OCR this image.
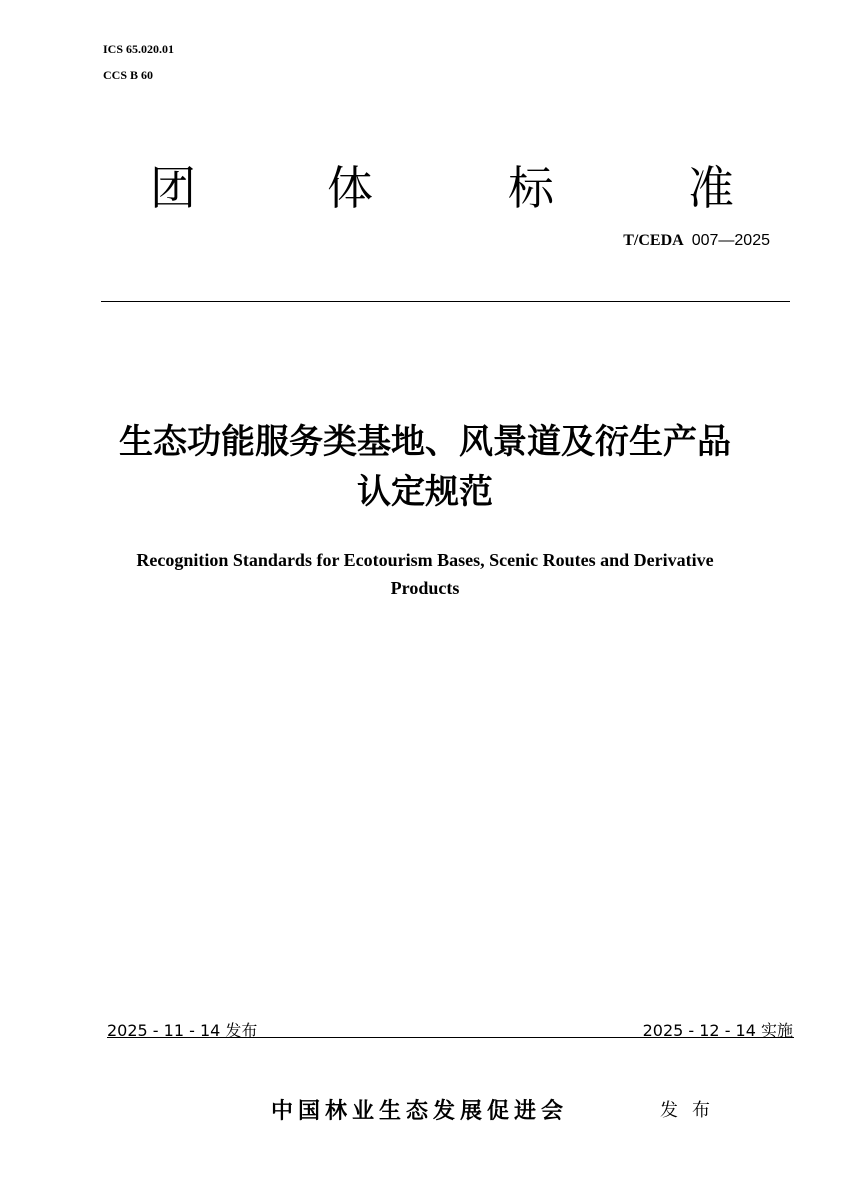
ICS 65.020.01
CCS B 60
团	体	标	准
T/CEDA 007—2025
生态功能服务类基地、风景道及衍生产品
认定规范
Recognition Standards for Ecotourism Bases, Scenic Routes and Derivative
Products
2025 - 11 - 14 发布	2025 - 12 - 14 实施
中国林业生态发展促进会	发布
